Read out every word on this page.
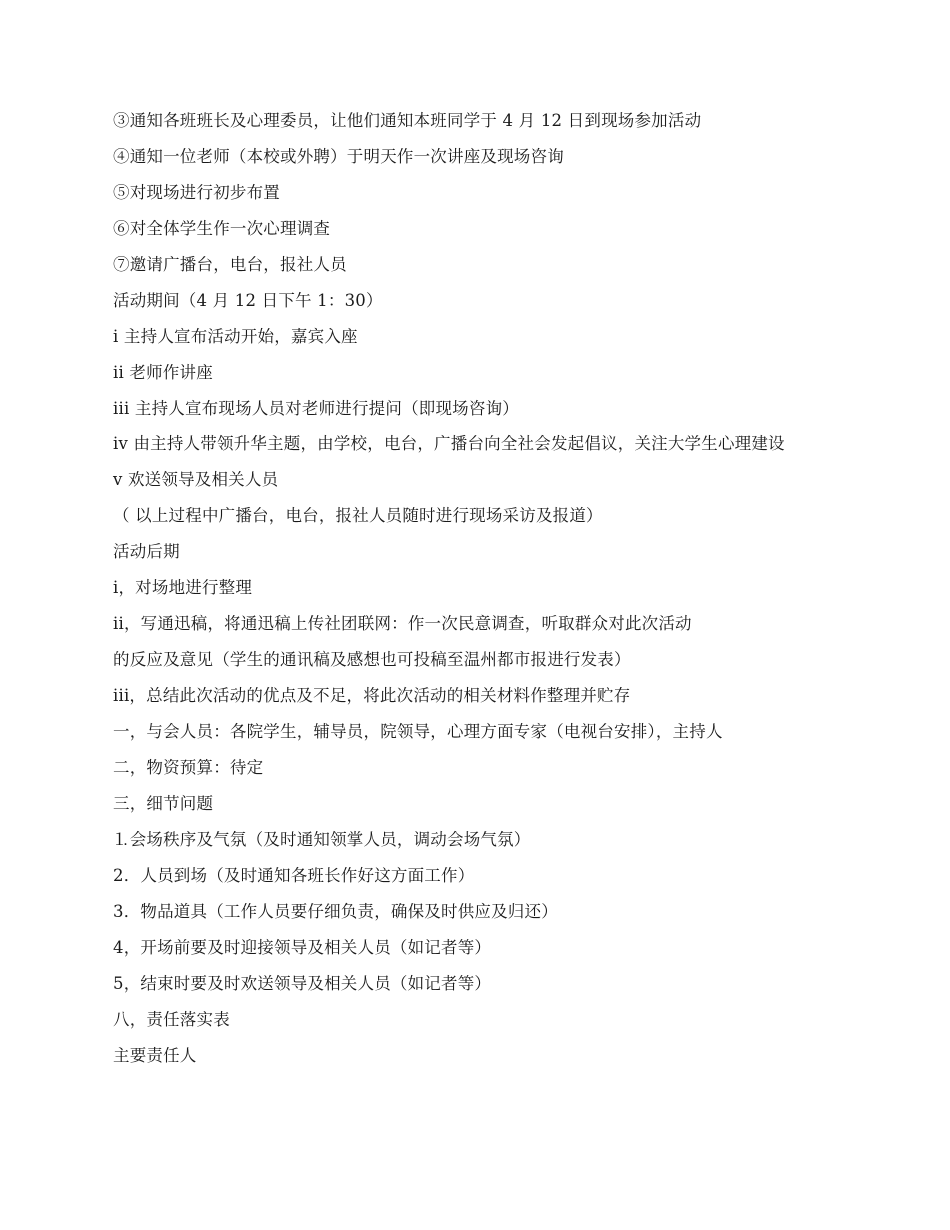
③通知各班班长及心理委员，让他们通知本班同学于 4 月 12 日到现场参加活动
④通知一位老师（本校或外聘）于明天作一次讲座及现场咨询
⑤对现场进行初步布置
⑥对全体学生作一次心理调查
⑦邀请广播台，电台，报社人员
活动期间（4 月 12 日下午 1：30）
i 主持人宣布活动开始，嘉宾入座
ii 老师作讲座
iii 主持人宣布现场人员对老师进行提问（即现场咨询）
iv 由主持人带领升华主题，由学校，电台，广播台向全社会发起倡议，关注大学生心理建设
v 欢送领导及相关人员
（ 以上过程中广播台，电台，报社人员随时进行现场采访及报道）
活动后期
i，对场地进行整理
ii，写通迅稿，将通迅稿上传社团联网：作一次民意调查，听取群众对此次活动
的反应及意见（学生的通讯稿及感想也可投稿至温州都市报进行发表）
iii，总结此次活动的优点及不足，将此次活动的相关材料作整理并贮存
一，与会人员：各院学生，辅导员，院领导，心理方面专家（电视台安排），主持人
二，物资预算：待定
三，细节问题
⒈会场秩序及气氛（及时通知领掌人员，调动会场气氛）
2．人员到场（及时通知各班长作好这方面工作）
3．物品道具（工作人员要仔细负责，确保及时供应及归还）
4，开场前要及时迎接领导及相关人员（如记者等）
5，结束时要及时欢送领导及相关人员（如记者等）
八，责任落实表
主要责任人
